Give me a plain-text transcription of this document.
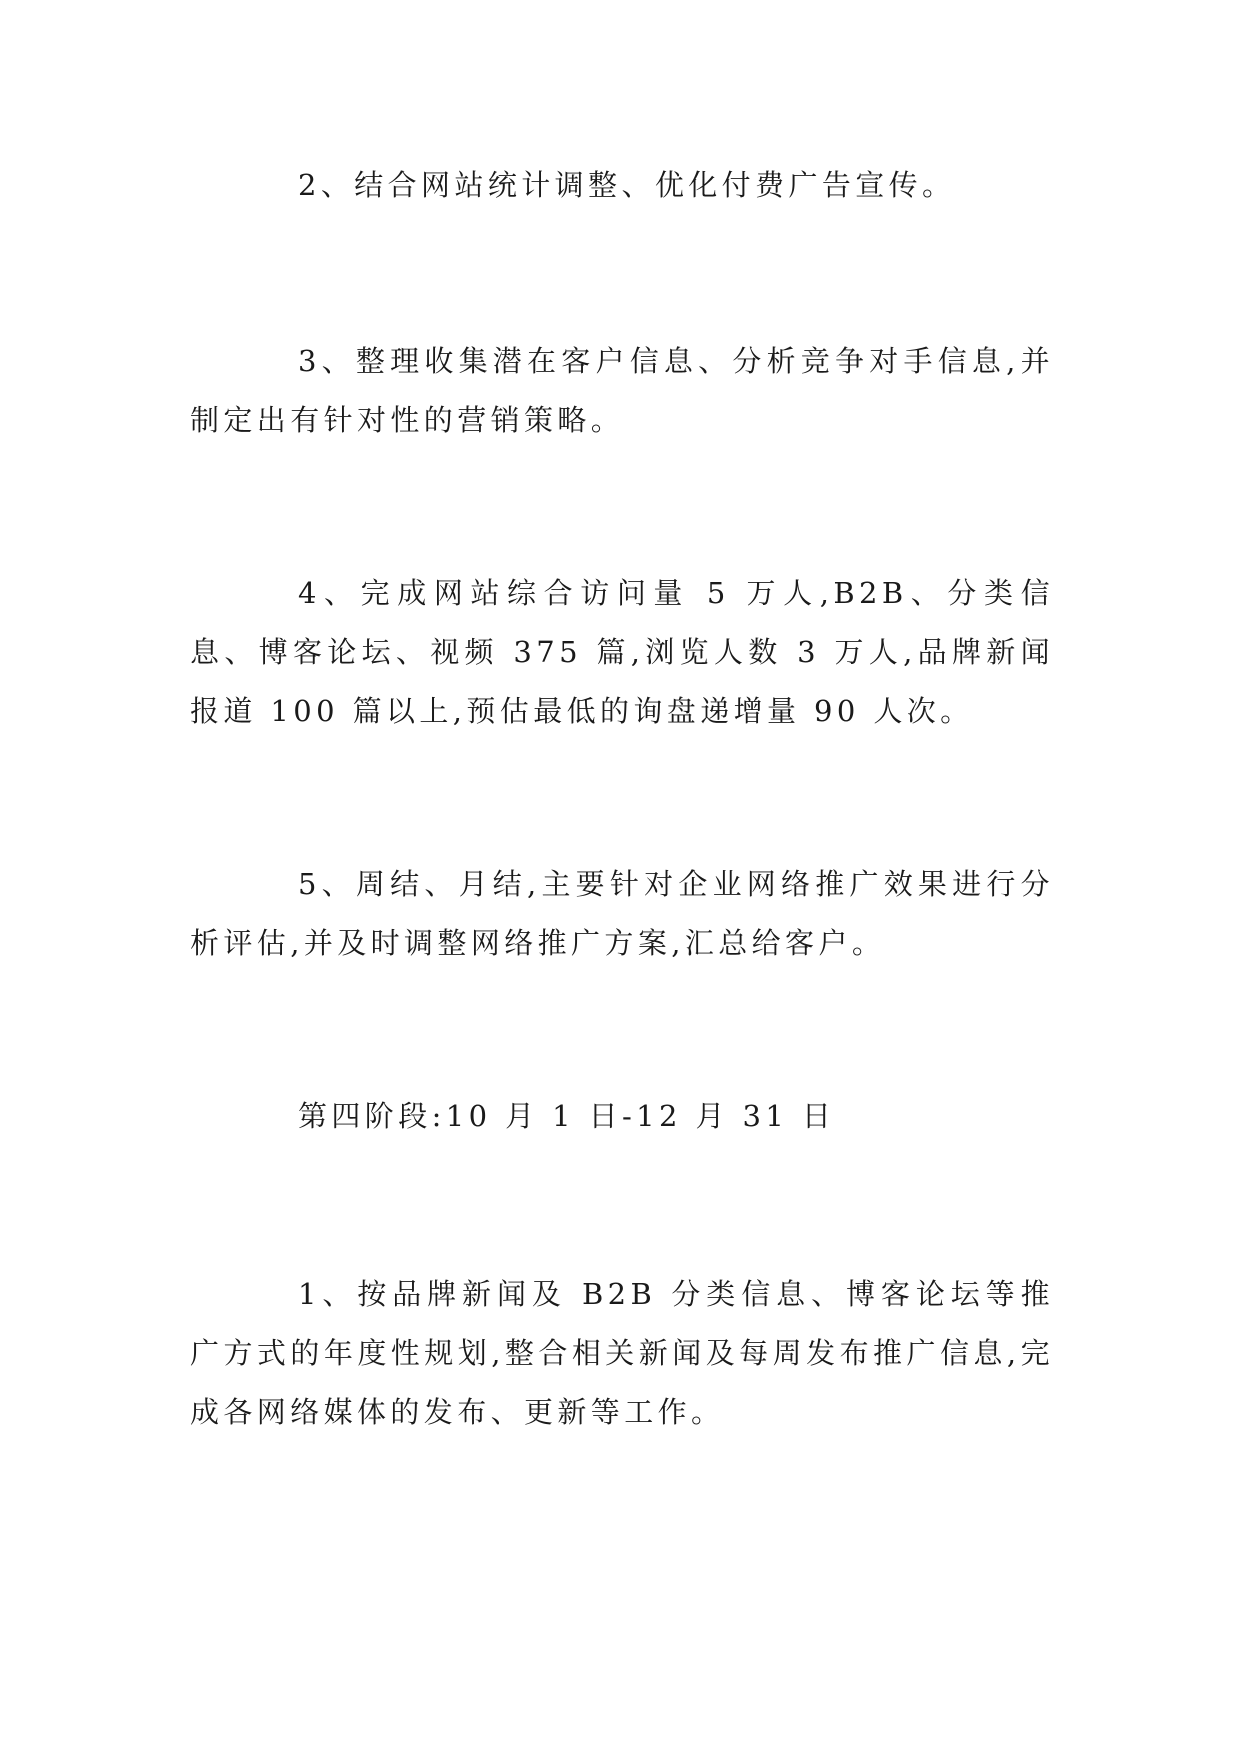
2、结合网站统计调整、优化付费广告宣传。

3、整理收集潜在客户信息、分析竞争对手信息,并制定出有针对性的营销策略。

4、完成网站综合访问量 5 万人,B2B、分类信息、博客论坛、视频 375 篇,浏览人数 3 万人,品牌新闻报道 100 篇以上,预估最低的询盘递增量 90 人次。

5、周结、月结,主要针对企业网络推广效果进行分析评估,并及时调整网络推广方案,汇总给客户。

第四阶段:10 月 1 日-12 月 31 日

1、按品牌新闻及 B2B 分类信息、博客论坛等推广方式的年度性规划,整合相关新闻及每周发布推广信息,完成各网络媒体的发布、更新等工作。
